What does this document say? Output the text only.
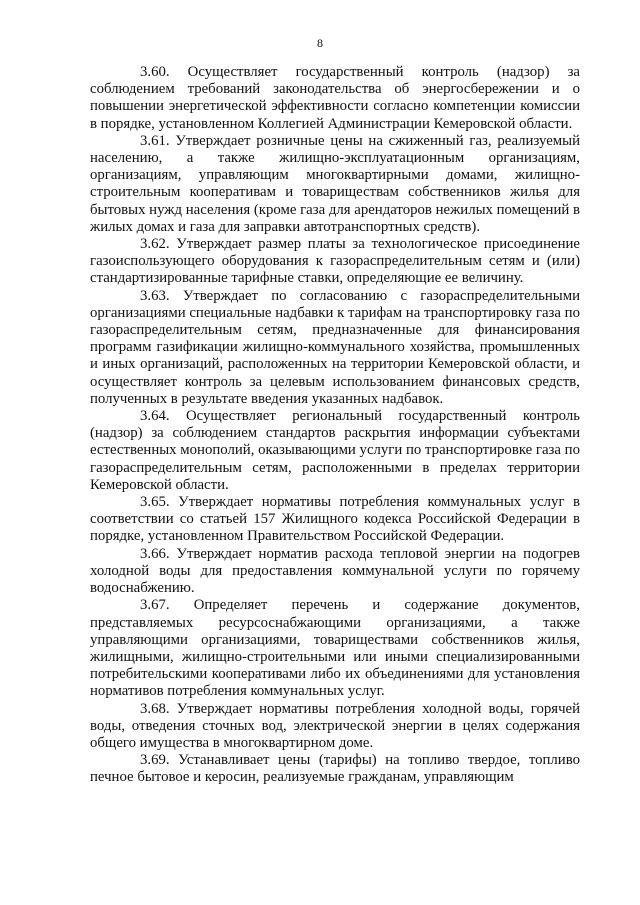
8

3.60. Осуществляет государственный контроль (надзор) за соблюдением требований законодательства об энергосбережении и о повышении энергетической эффективности согласно компетенции комиссии в порядке, установленном Коллегией Администрации Кемеровской области.

3.61. Утверждает розничные цены на сжиженный газ, реализуемый населению, а также жилищно-эксплуатационным организациям, организациям, управляющим многоквартирными домами, жилищно-строительным кооперативам и товариществам собственников жилья для бытовых нужд населения (кроме газа для арендаторов нежилых помещений в жилых домах и газа для заправки автотранспортных средств).

3.62. Утверждает размер платы за технологическое присоединение газоиспользующего оборудования к газораспределительным сетям и (или) стандартизированные тарифные ставки, определяющие ее величину.

3.63. Утверждает по согласованию с газораспределительными организациями специальные надбавки к тарифам на транспортировку газа по газораспределительным сетям, предназначенные для финансирования программ газификации жилищно-коммунального хозяйства, промышленных и иных организаций, расположенных на территории Кемеровской области, и осуществляет контроль за целевым использованием финансовых средств, полученных в результате введения указанных надбавок.

3.64. Осуществляет региональный государственный контроль (надзор) за соблюдением стандартов раскрытия информации субъектами естественных монополий, оказывающими услуги по транспортировке газа по газораспределительным сетям, расположенными в пределах территории Кемеровской области.

3.65. Утверждает нормативы потребления коммунальных услуг в соответствии со статьей 157 Жилищного кодекса Российской Федерации в порядке, установленном Правительством Российской Федерации.

3.66. Утверждает норматив расхода тепловой энергии на подогрев холодной воды для предоставления коммунальной услуги по горячему водоснабжению.

3.67. Определяет перечень и содержание документов, представляемых ресурсоснабжающими организациями, а также управляющими организациями, товариществами собственников жилья, жилищными, жилищно-строительными или иными специализированными потребительскими кооперативами либо их объединениями для установления нормативов потребления коммунальных услуг.

3.68. Утверждает нормативы потребления холодной воды, горячей воды, отведения сточных вод, электрической энергии в целях содержания общего имущества в многоквартирном доме.

3.69. Устанавливает цены (тарифы) на топливо твердое, топливо печное бытовое и керосин, реализуемые гражданам, управляющим
